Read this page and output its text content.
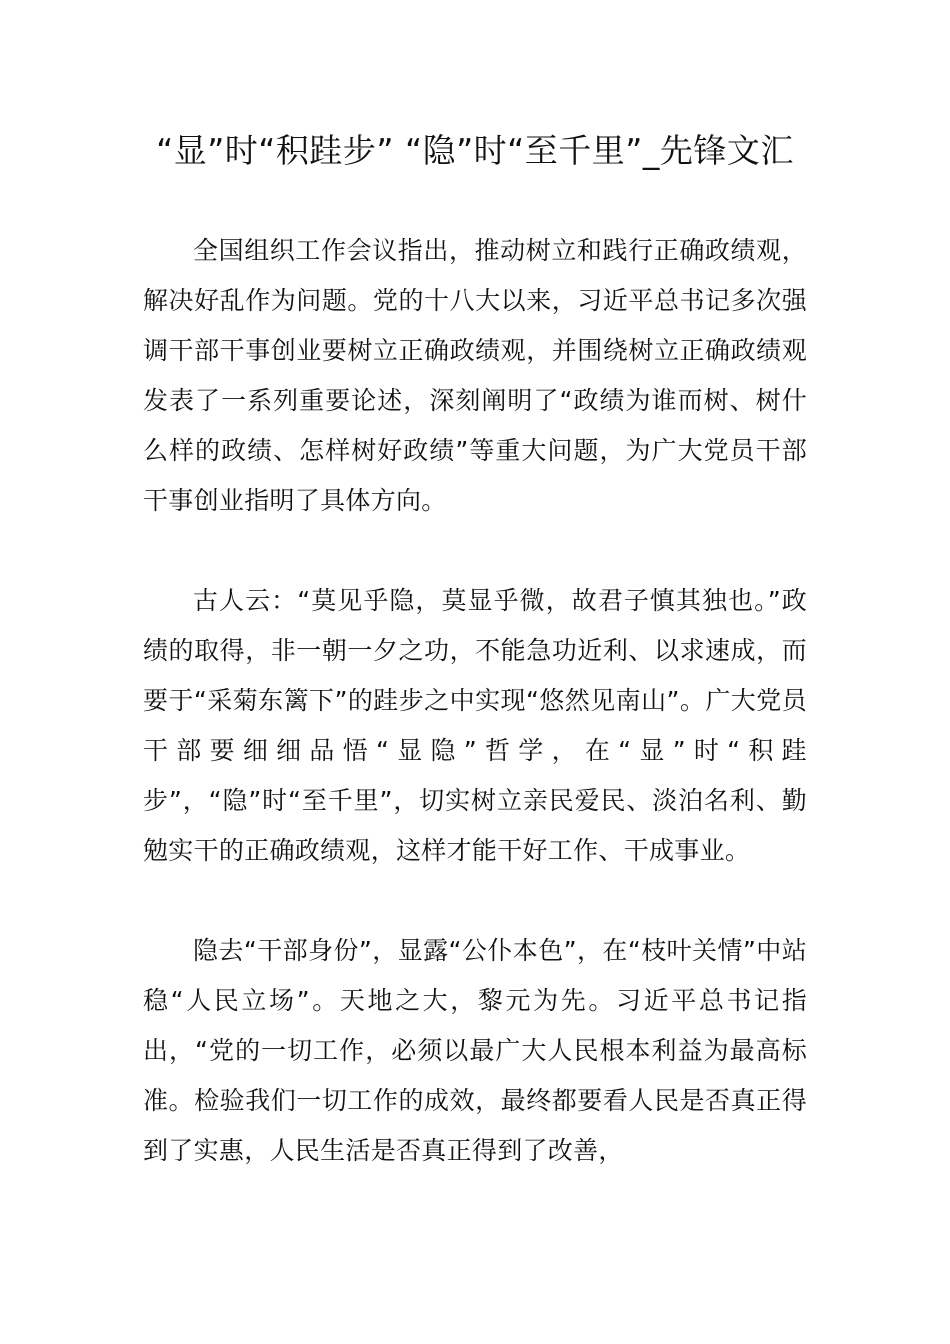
“显”时“积跬步” “隐”时“至千里”_先锋文汇

全国组织工作会议指出，推动树立和践行正确政绩观，解决好乱作为问题。党的十八大以来，习近平总书记多次强调干部干事创业要树立正确政绩观，并围绕树立正确政绩观发表了一系列重要论述，深刻阐明了“政绩为谁而树、树什么样的政绩、怎样树好政绩”等重大问题，为广大党员干部干事创业指明了具体方向。

古人云：“莫见乎隐，莫显乎微，故君子慎其独也。”政绩的取得，非一朝一夕之功，不能急功近利、以求速成，而要于“采菊东篱下”的跬步之中实现“悠然见南山”。广大党员干部要细细品悟“显隐”哲学，在“显”时“积跬步”，“隐”时“至千里”，切实树立亲民爱民、淡泊名利、勤勉实干的正确政绩观，这样才能干好工作、干成事业。

隐去“干部身份”，显露“公仆本色”，在“枝叶关情”中站稳“人民立场”。天地之大，黎元为先。习近平总书记指出，“党的一切工作，必须以最广大人民根本利益为最高标准。检验我们一切工作的成效，最终都要看人民是否真正得到了实惠，人民生活是否真正得到了改善，
